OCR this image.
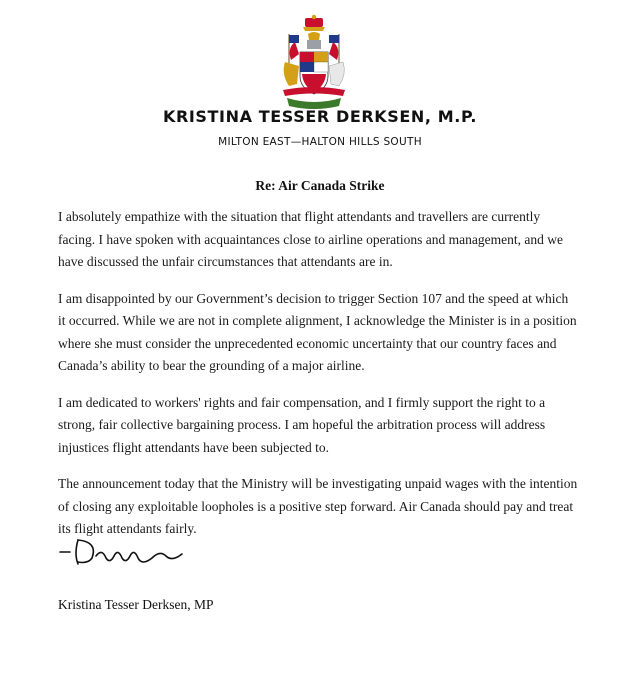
KRISTINA TESSER DERKSEN, M.P.
MILTON EAST—HALTON HILLS SOUTH
Re: Air Canada Strike

I absolutely empathize with the situation that flight attendants and travellers are currently facing. I have spoken with acquaintances close to airline operations and management, and we have discussed the unfair circumstances that attendants are in.

I am disappointed by our Government’s decision to trigger Section 107 and the speed at which it occurred. While we are not in complete alignment, I acknowledge the Minister is in a position where she must consider the unprecedented economic uncertainty that our country faces and Canada’s ability to bear the grounding of a major airline.

I am dedicated to workers' rights and fair compensation, and I firmly support the right to a strong, fair collective bargaining process. I am hopeful the arbitration process will address injustices flight attendants have been subjected to.

The announcement today that the Ministry will be investigating unpaid wages with the intention of closing any exploitable loopholes is a positive step forward. Air Canada should pay and treat its flight attendants fairly.

Kristina Tesser Derksen, MP
